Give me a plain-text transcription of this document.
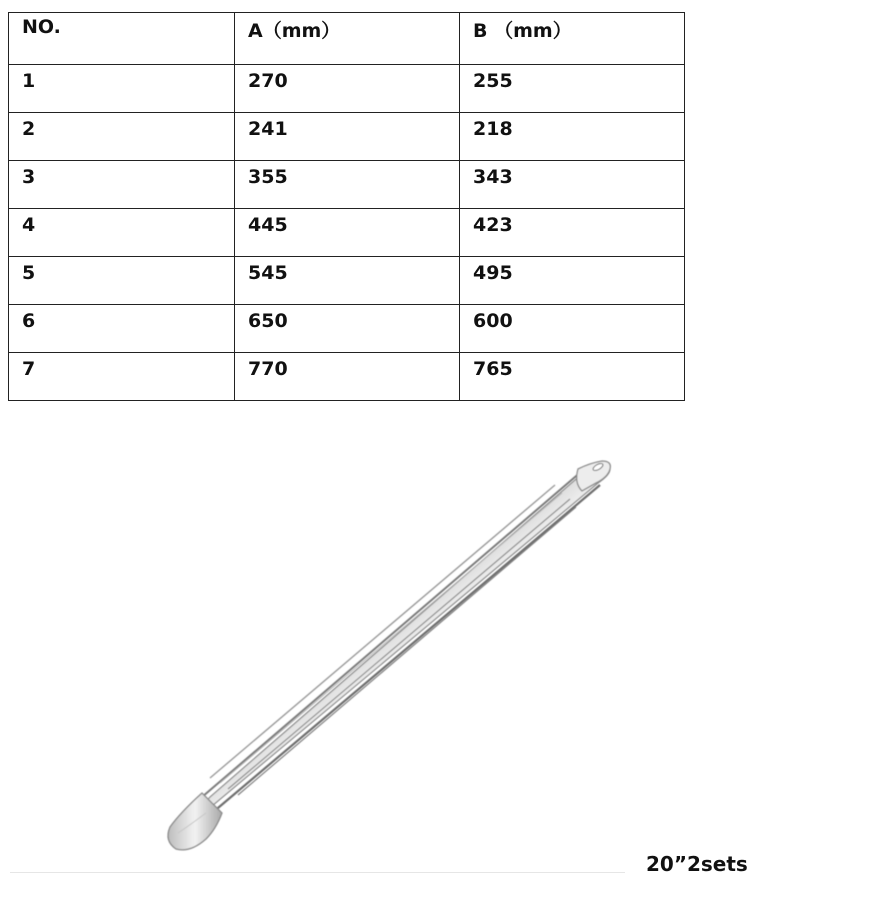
NO.	A（mm）	B （mm）
1	270	255
2	241	218
3	355	343
4	445	423
5	545	495
6	650	600
7	770	765
20”2sets
